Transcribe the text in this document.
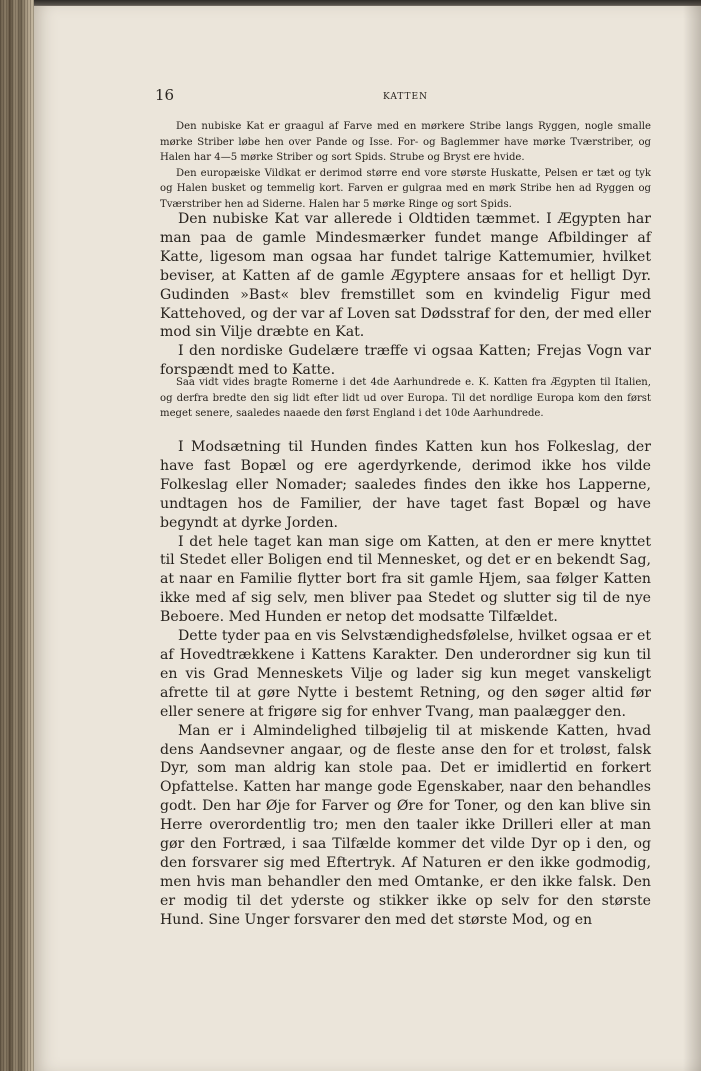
16	KATTEN

Den nubiske Kat er graagul af Farve med en mørkere Stribe langs Ryggen, nogle smalle mørke Striber løbe hen over Pande og Isse. For- og Baglemmer have mørke Tværstriber, og Halen har 4—5 mørke Striber og sort Spids. Strube og Bryst ere hvide.

Den europæiske Vildkat er derimod større end vore største Huskatte, Pelsen er tæt og tyk og Halen busket og temmelig kort. Farven er gulgraa med en mørk Stribe hen ad Ryggen og Tværstriber hen ad Siderne. Halen har 5 mørke Ringe og sort Spids.

Den nubiske Kat var allerede i Oldtiden tæmmet. I Ægypten har man paa de gamle Mindesmærker fundet mange Afbildinger af Katte, ligesom man ogsaa har fundet talrige Kattemumier, hvilket beviser, at Katten af de gamle Ægyptere ansaas for et helligt Dyr. Gudinden »Bast« blev fremstillet som en kvindelig Figur med Kattehoved, og der var af Loven sat Dødsstraf for den, der med eller mod sin Vilje dræbte en Kat.

I den nordiske Gudelære træffe vi ogsaa Katten; Frejas Vogn var forspændt med to Katte.

Saa vidt vides bragte Romerne i det 4de Aarhundrede e. K. Katten fra Ægypten til Italien, og derfra bredte den sig lidt efter lidt ud over Europa. Til det nordlige Europa kom den først meget senere, saaledes naaede den først England i det 10de Aarhundrede.

I Modsætning til Hunden findes Katten kun hos Folkeslag, der have fast Bopæl og ere agerdyrkende, derimod ikke hos vilde Folkeslag eller Nomader; saaledes findes den ikke hos Lapperne, undtagen hos de Familier, der have taget fast Bopæl og have begyndt at dyrke Jorden.

I det hele taget kan man sige om Katten, at den er mere knyttet til Stedet eller Boligen end til Mennesket, og det er en bekendt Sag, at naar en Familie flytter bort fra sit gamle Hjem, saa følger Katten ikke med af sig selv, men bliver paa Stedet og slutter sig til de nye Beboere. Med Hunden er netop det modsatte Tilfældet.

Dette tyder paa en vis Selvstændighedsfølelse, hvilket ogsaa er et af Hovedtrækkene i Kattens Karakter. Den underordner sig kun til en vis Grad Menneskets Vilje og lader sig kun meget vanskeligt afrette til at gøre Nytte i bestemt Retning, og den søger altid før eller senere at frigøre sig for enhver Tvang, man paalægger den.

Man er i Almindelighed tilbøjelig til at miskende Katten, hvad dens Aandsevner angaar, og de fleste anse den for et troløst, falsk Dyr, som man aldrig kan stole paa. Det er imidlertid en forkert Opfattelse. Katten har mange gode Egenskaber, naar den behandles godt. Den har Øje for Farver og Øre for Toner, og den kan blive sin Herre overordentlig tro; men den taaler ikke Drilleri eller at man gør den Fortræd, i saa Tilfælde kommer det vilde Dyr op i den, og den forsvarer sig med Eftertryk. Af Naturen er den ikke godmodig, men hvis man behandler den med Omtanke, er den ikke falsk. Den er modig til det yderste og stikker ikke op selv for den største Hund. Sine Unger forsvarer den med det største Mod, og en
